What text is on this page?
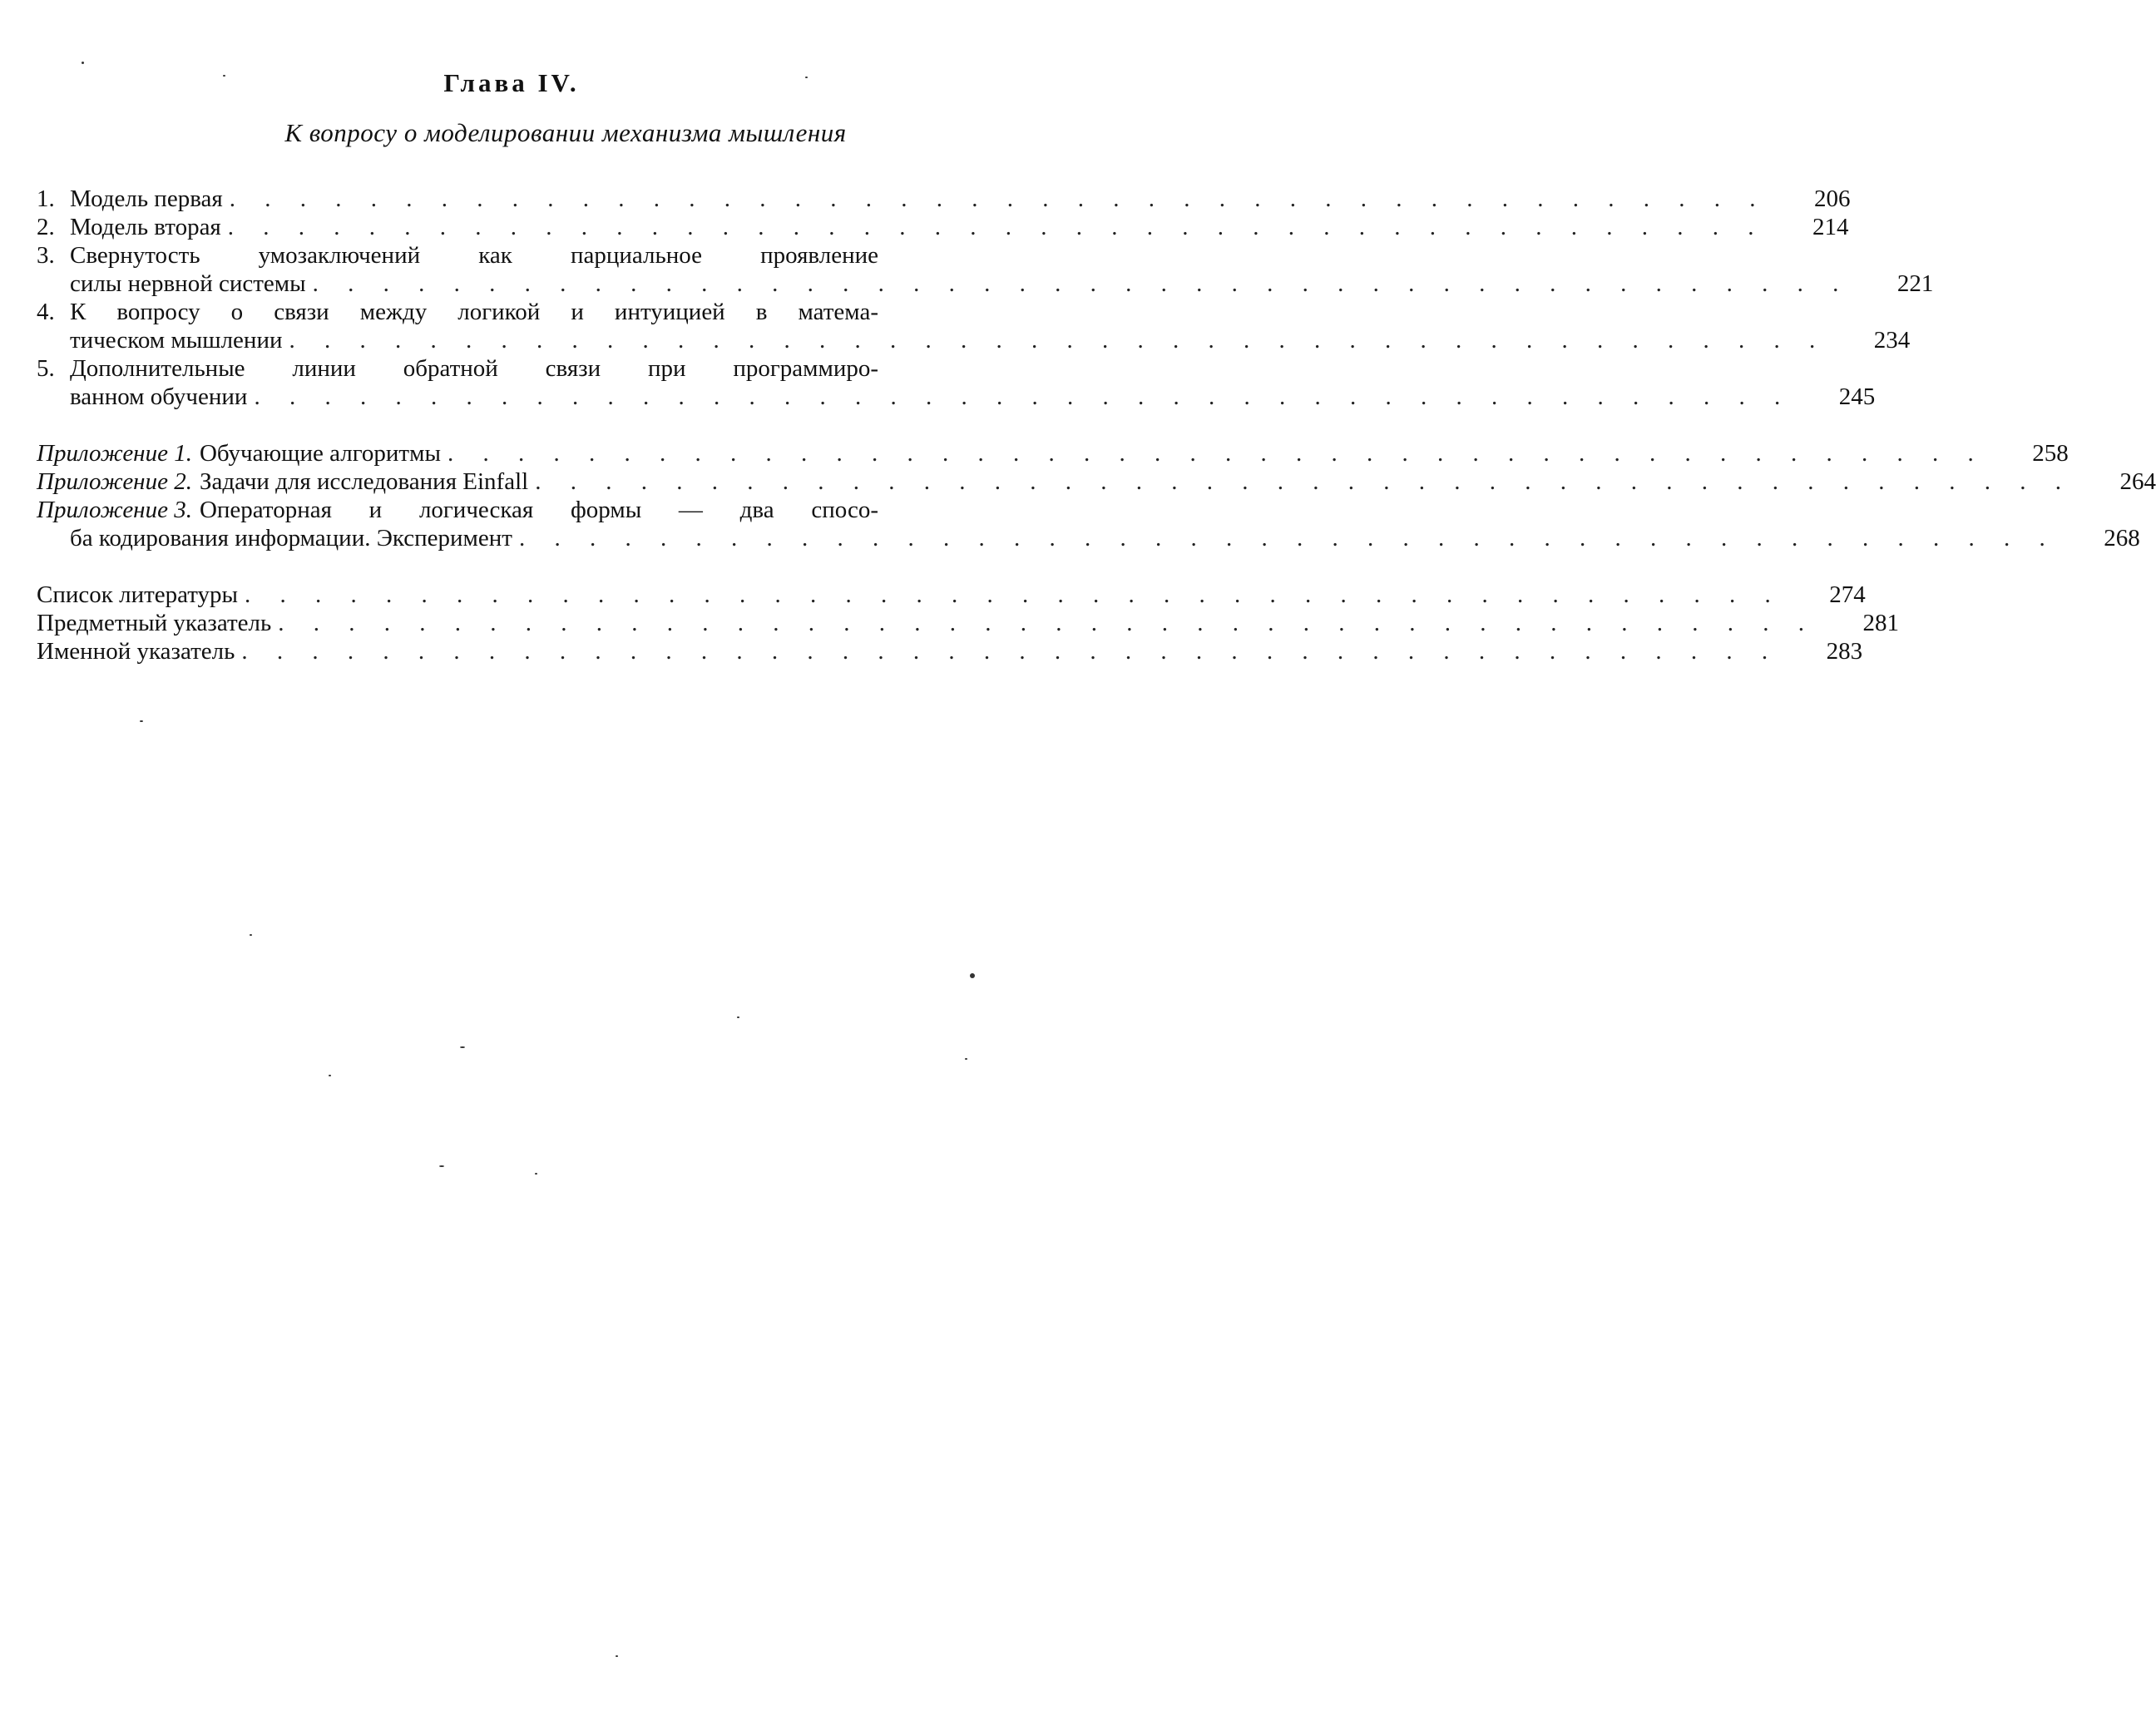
Глава IV.
К вопросу о моделировании механизма мышления
1. Модель первая . . . . . . . . . . . . . . . . . . . . . . . . . . . . . . . . . . . . . . . . . . . .	206
2. Модель вторая . . . . . . . . . . . . . . . . . . . . . . . . . . . . . . . . . . . . . . . . . . . .	214
3. Свернутость умозаключений как парциальное проявление
силы нервной системы . . . . . . . . . . . . . . . . . . . . . . . . . . . . . . . . . . . . . . . . . . . .	221
4. К вопросу о связи между логикой и интуицией в матема-
тическом мышлении . . . . . . . . . . . . . . . . . . . . . . . . . . . . . . . . . . . . . . . . . . . .	234
5. Дополнительные линии обратной связи при программиро-
ванном обучении . . . . . . . . . . . . . . . . . . . . . . . . . . . . . . . . . . . . . . . . . . . .	245
Приложение 1. Обучающие алгоритмы . . . . . . . . . . . . . . . . . . . . . . . . . . . . . . . . . . . . . . . . . . . .	258
Приложение 2. Задачи для исследования Einfall . . . . . . . . . . . . . . . . . . . . . . . . . . . . . . . . . . . . . . . . . . . .	264
Приложение 3. Операторная и логическая формы — два спосо-
ба кодирования информации. Эксперимент . . . . . . . . . . . . . . . . . . . . . . . . . . . . . . . . . . . . . . . . . . . .	268
Список литературы . . . . . . . . . . . . . . . . . . . . . . . . . . . . . . . . . . . . . . . . . . . .	274
Предметный указатель . . . . . . . . . . . . . . . . . . . . . . . . . . . . . . . . . . . . . . . . . . . .	281
Именной указатель . . . . . . . . . . . . . . . . . . . . . . . . . . . . . . . . . . . . . . . . . . . .	283
